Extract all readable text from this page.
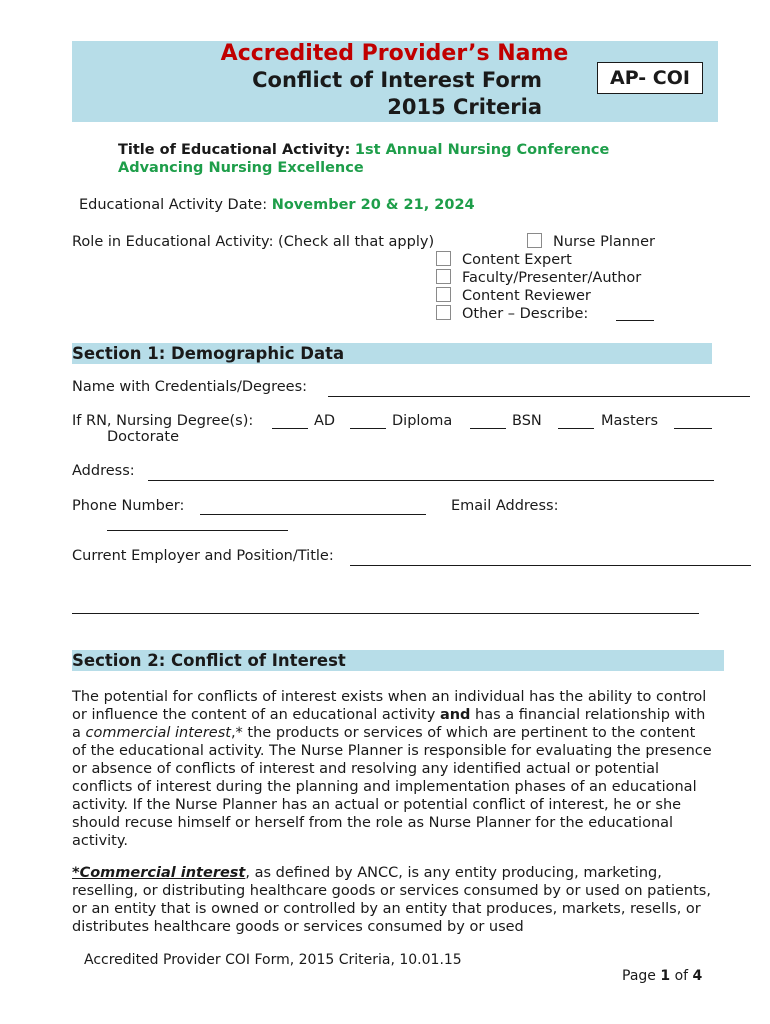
Accredited Provider’s Name
Conflict of Interest Form
2015 Criteria
AP- COI
Title of Educational Activity: 1st Annual Nursing Conference
Advancing Nursing Excellence
Educational Activity Date: November 20 & 21, 2024
Role in Educational Activity: (Check all that apply)	Nurse Planner
Content Expert
Faculty/Presenter/Author
Content Reviewer
Other – Describe:
Section 1: Demographic Data
Name with Credentials/Degrees:
If RN, Nursing Degree(s):	AD	Diploma	BSN	Masters
Doctorate
Address:
Phone Number:	Email Address:
Current Employer and Position/Title:
Section 2: Conflict of Interest
The potential for conflicts of interest exists when an individual has the ability to control or influence the content of an educational activity and has a financial relationship with a commercial interest,* the products or services of which are pertinent to the content of the educational activity. The Nurse Planner is responsible for evaluating the presence or absence of conflicts of interest and resolving any identified actual or potential conflicts of interest during the planning and implementation phases of an educational activity. If the Nurse Planner has an actual or potential conflict of interest, he or she should recuse himself or herself from the role as Nurse Planner for the educational activity.
*Commercial interest, as defined by ANCC, is any entity producing, marketing, reselling, or distributing healthcare goods or services consumed by or used on patients, or an entity that is owned or controlled by an entity that produces, markets, resells, or distributes healthcare goods or services consumed by or used
Accredited Provider COI Form, 2015 Criteria, 10.01.15
Page 1 of 4
